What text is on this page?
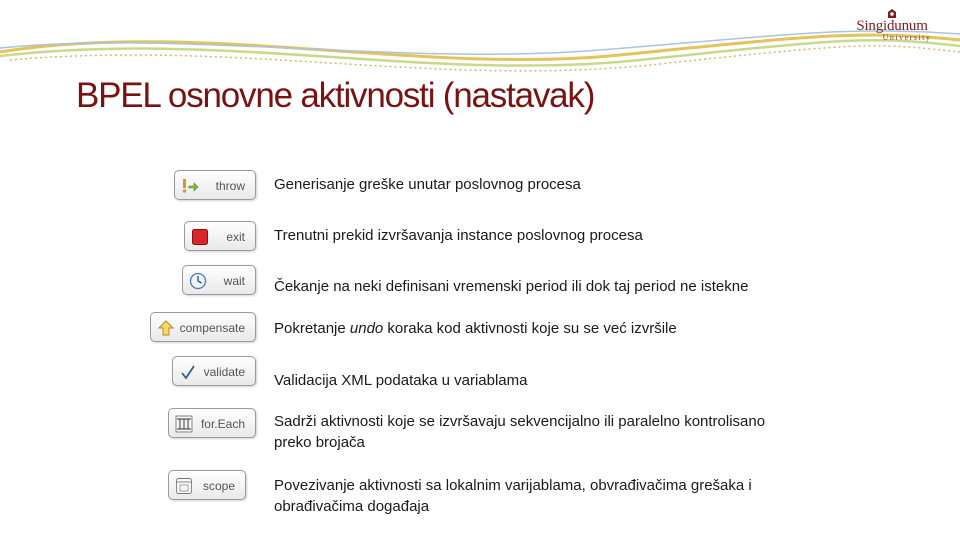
Singidunum
University
BPEL osnovne aktivnosti (nastavak)
throw Generisanje greške unutar poslovnog procesa
exit Trenutni prekid izvršavanja instance poslovnog procesa
wait Čekanje na neki definisani vremenski period ili dok taj period ne istekne
compensate Pokretanje undo koraka kod aktivnosti koje su se već izvršile
validate Validacija XML podataka u variablama
for.Each Sadrži aktivnosti koje se izvršavaju sekvencijalno ili paralelno kontrolisano
preko brojača
scope	Povezivanje aktivnosti sa lokalnim varijablama, obvrađivačima grešaka i
obrađivačima događaja
